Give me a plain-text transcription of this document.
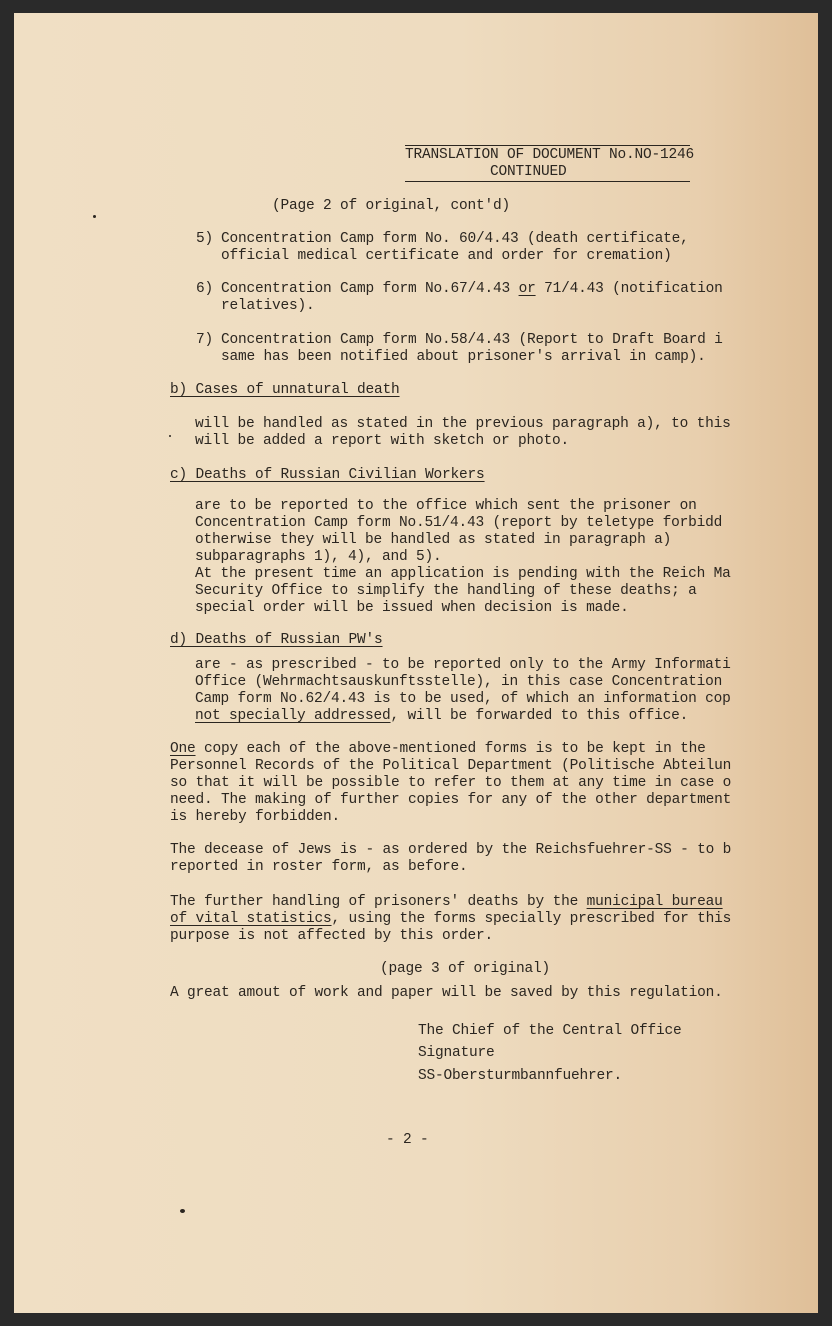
TRANSLATION OF DOCUMENT No.NO-1246
CONTINUED
(Page 2 of original, cont'd)
5) Concentration Camp form No. 60/4.43 (death certificate,
official medical certificate and order for cremation)
6) Concentration Camp form No.67/4.43 or 71/4.43 (notification
relatives).
7) Concentration Camp form No.58/4.43 (Report to Draft Board i
same has been notified about prisoner's arrival in camp).
b) Cases of unnatural death
will be handled as stated in the previous paragraph a), to this
will be added a report with sketch or photo.
c) Deaths of Russian Civilian Workers
are to be reported to the office which sent the prisoner on
Concentration Camp form No.51/4.43 (report by teletype forbidd
otherwise they will be handled as stated in paragraph a)
subparagraphs 1), 4), and 5).
At the present time an application is pending with the Reich Ma
Security Office to simplify the handling of these deaths; a
special order will be issued when decision is made.
d) Deaths of Russian PW's
are - as prescribed - to be reported only to the Army Informati
Office (Wehrmachtsauskunftsstelle), in this case Concentration
Camp form No.62/4.43 is to be used, of which an information cop
not specially addressed, will be forwarded to this office.
One copy each of the above-mentioned forms is to be kept in the
Personnel Records of the Political Department (Politische Abteilun
so that it will be possible to refer to them at any time in case o
need. The making of further copies for any of the other department
is hereby forbidden.
The decease of Jews is - as ordered by the Reichsfuehrer-SS - to b
reported in roster form, as before.
The further handling of prisoners' deaths by the municipal bureau
of vital statistics, using the forms specially prescribed for this
purpose is not affected by this order.
(page 3 of original)
A great amout of work and paper will be saved by this regulation.
The Chief of the Central Office
Signature
SS-Obersturmbannfuehrer.
- 2 -
